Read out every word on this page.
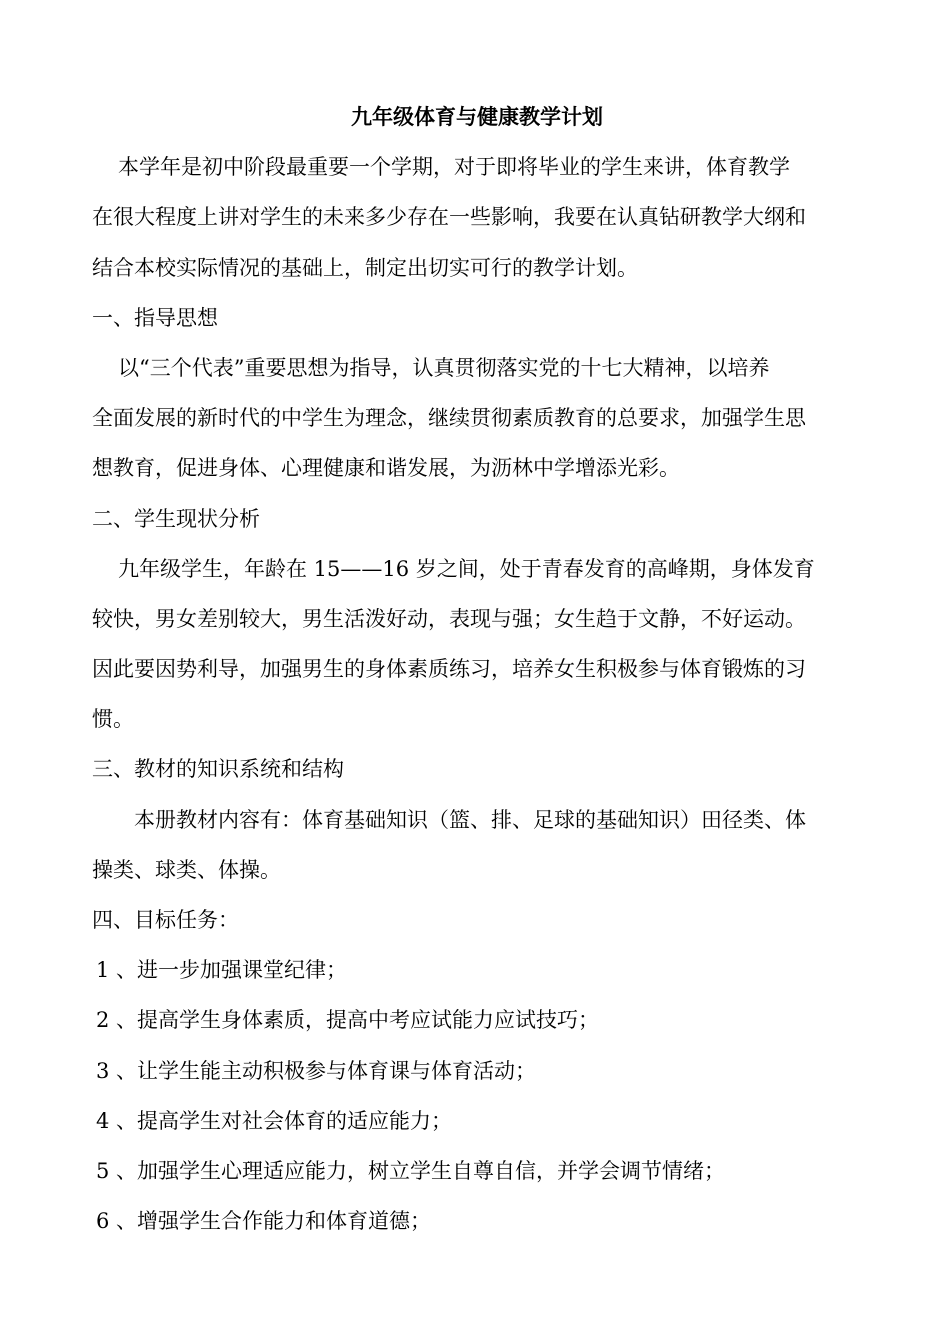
九年级体育与健康教学计划
本学年是初中阶段最重要一个学期，对于即将毕业的学生来讲，体育教学
在很大程度上讲对学生的未来多少存在一些影响，我要在认真钻研教学大纲和
结合本校实际情况的基础上，制定出切实可行的教学计划。
一、指导思想
以“三个代表”重要思想为指导，认真贯彻落实党的十七大精神，以培养
全面发展的新时代的中学生为理念，继续贯彻素质教育的总要求，加强学生思
想教育，促进身体、心理健康和谐发展，为沥林中学增添光彩。
二、学生现状分析
九年级学生，年龄在 15——16 岁之间，处于青春发育的高峰期，身体发育
较快，男女差别较大，男生活泼好动，表现与强；女生趋于文静，不好运动。
因此要因势利导，加强男生的身体素质练习，培养女生积极参与体育锻炼的习
惯。
三、教材的知识系统和结构
本册教材内容有：体育基础知识（篮、排、足球的基础知识）田径类、体
操类、球类、体操。
四、目标任务：
1 、进一步加强课堂纪律；
2 、提高学生身体素质，提高中考应试能力应试技巧；
3 、让学生能主动积极参与体育课与体育活动；
4 、提高学生对社会体育的适应能力；
5 、加强学生心理适应能力，树立学生自尊自信，并学会调节情绪；
6 、增强学生合作能力和体育道德；
